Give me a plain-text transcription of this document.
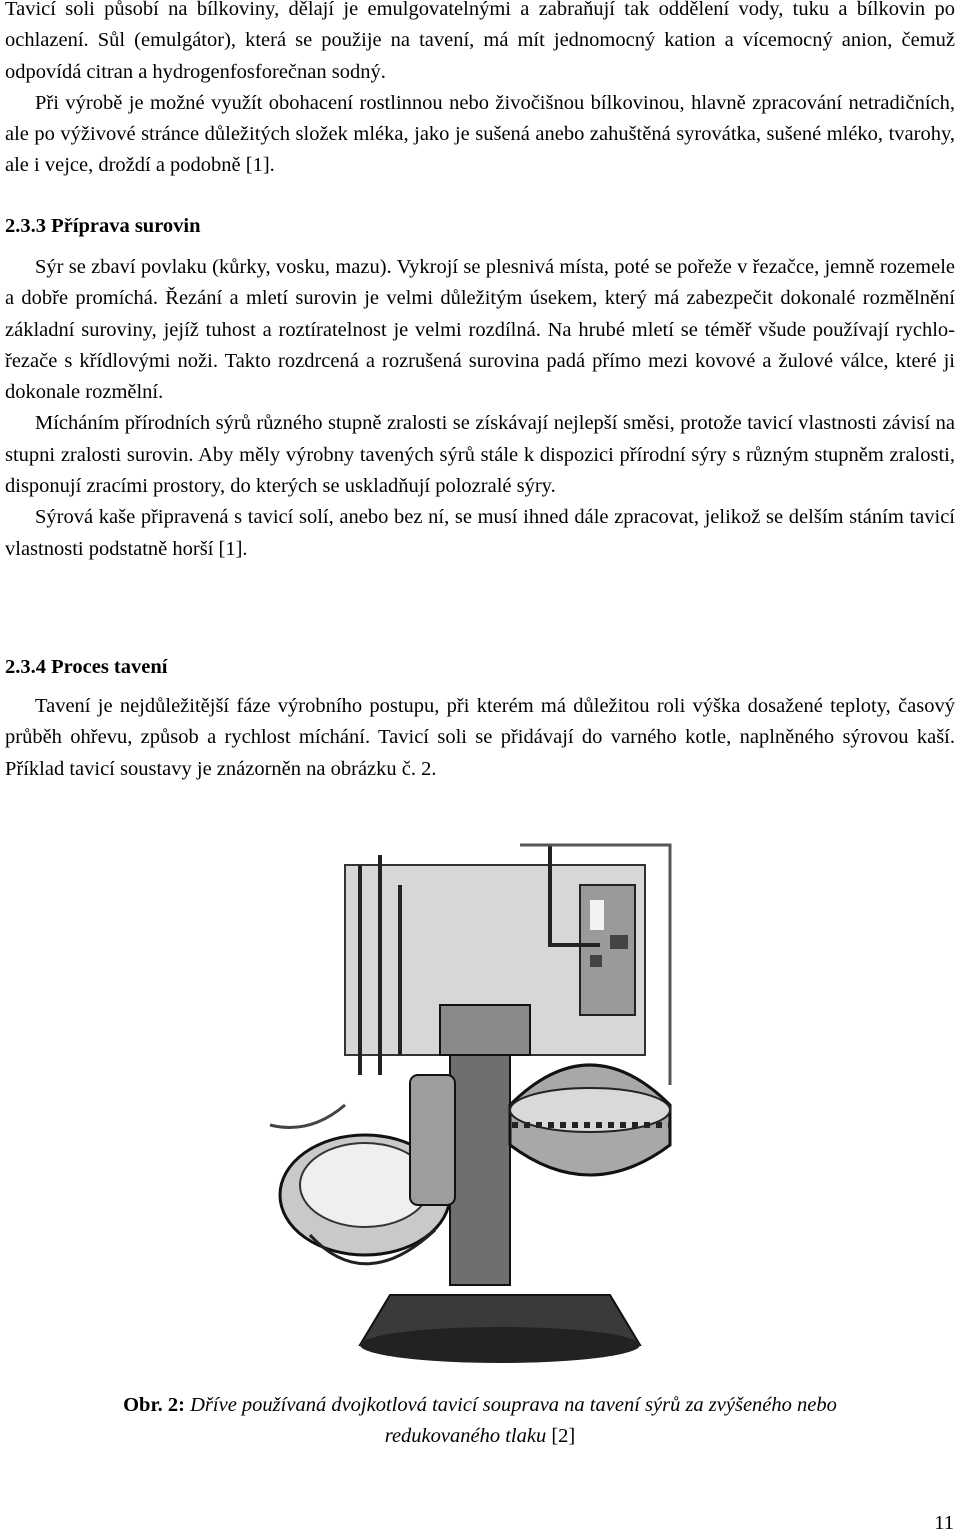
Tavicí soli působí na bílkoviny, dělají je emulgovatelnými a zabraňují tak oddělení vody, tuku a bílkovin po ochlazení. Sůl (emulgátor), která se použije na tavení, má mít jednomocný kation a vícemocný anion, čemuž odpovídá citran a hydrogenfosforečnan sodný.

Při výrobě je možné využít obohacení rostlinnou nebo živočišnou bílkovinou, hlavně zpracování netradičních, ale po výživové stránce důležitých složek mléka, jako je sušená anebo zahuštěná syrovátka, sušené mléko, tvarohy, ale i vejce, droždí a podobně [1].

2.3.3 Příprava surovin

Sýr se zbaví povlaku (kůrky, vosku, mazu). Vykrojí se plesnivá místa, poté se pořeže v řezačce, jemně rozemele a dobře promíchá. Řezání a mletí surovin je velmi důležitým úsekem, který má zabezpečit dokonalé rozmělnění základní suroviny, jejíž tuhost a roztíratelnost je velmi rozdílná. Na hrubé mletí se téměř všude používají rychlo-řezače s křídlovými noži. Takto rozdrcená a rozrušená surovina padá přímo mezi kovové a žulové válce, které ji dokonale rozmělní.

Mícháním přírodních sýrů různého stupně zralosti se získávají nejlepší směsi, protože tavicí vlastnosti závisí na stupni zralosti surovin. Aby měly výrobny tavených sýrů stále k dispozici přírodní sýry s různým stupněm zralosti, disponují zracími prostory, do kterých se uskladňují polozralé sýry.

Sýrová kaše připravená s tavicí solí, anebo bez ní, se musí ihned dále zpracovat, jelikož se delším stáním tavicí vlastnosti podstatně horší [1].

2.3.4 Proces tavení

Tavení je nejdůležitější fáze výrobního postupu, při kterém má důležitou roli výška dosažené teploty, časový průběh ohřevu, způsob a rychlost míchání. Tavicí soli se přidávají do varného kotle, naplněného sýrovou kaší. Příklad tavicí soustavy je znázorněn na obrázku č. 2.

Obr. 2: Dříve používaná dvojkotlová tavicí souprava na tavení sýrů za zvýšeného nebo
redukovaného tlaku [2]
11
